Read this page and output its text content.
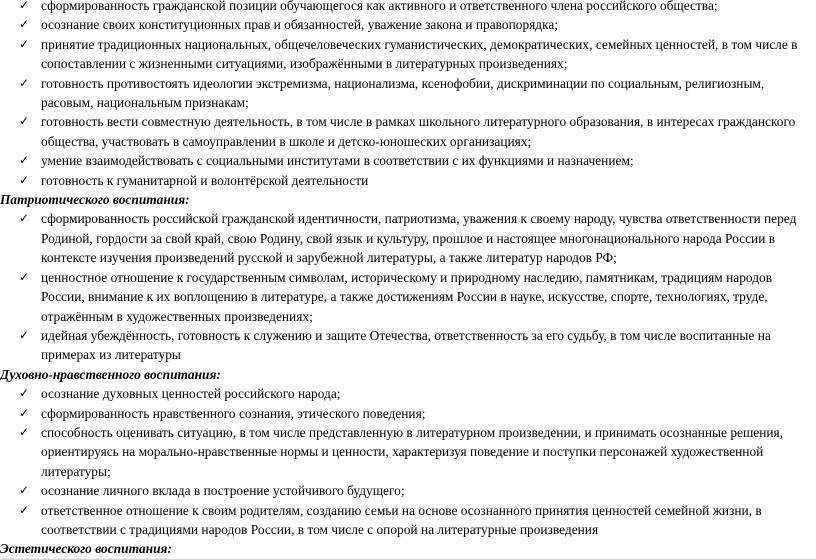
✓ сформированность гражданской позиции обучающегося как активного и ответственного члена российского общества;
✓ осознание своих конституционных прав и обязанностей, уважение закона и правопорядка;
✓ принятие традиционных национальных, общечеловеческих гуманистических, демократических, семейных ценностей, в том числе в сопоставлении с жизненными ситуациями, изображёнными в литературных произведениях;
✓ готовность противостоять идеологии экстремизма, национализма, ксенофобии, дискриминации по социальным, религиозным, расовым, национальным признакам;
✓ готовность вести совместную деятельность, в том числе в рамках школьного литературного образования, в интересах гражданского общества, участвовать в самоуправлении в школе и детско-юношеских организациях;
✓ умение взаимодействовать с социальными институтами в соответствии с их функциями и назначением;
✓ готовность к гуманитарной и волонтёрской деятельности

Патриотического воспитания:

✓ сформированность российской гражданской идентичности, патриотизма, уважения к своему народу, чувства ответственности перед Родиной, гордости за свой край, свою Родину, свой язык и культуру, прошлое и настоящее многонационального народа России в контексте изучения произведений русской и зарубежной литературы, а также литератур народов РФ;
✓ ценностное отношение к государственным символам, историческому и природному наследию, памятникам, традициям народов России, внимание к их воплощению в литературе, а также достижениям России в науке, искусстве, спорте, технологиях, труде, отражённым в художественных произведениях;
✓ идейная убеждённость, готовность к служению и защите Отечества, ответственность за его судьбу, в том числе воспитанные на примерах из литературы

Духовно-нравственного воспитания:

✓ осознание духовных ценностей российского народа;
✓ сформированность нравственного сознания, этического поведения;
✓ способность оценивать ситуацию, в том числе представленную в литературном произведении, и принимать осознанные решения, ориентируясь на морально-нравственные нормы и ценности, характеризуя поведение и поступки персонажей художественной литературы;
✓ осознание личного вклада в построение устойчивого будущего;
✓ ответственное отношение к своим родителям, созданию семьи на основе осознанного принятия ценностей семейной жизни, в соответствии с традициями народов России, в том числе с опорой на литературные произведения

Эстетического воспитания:
